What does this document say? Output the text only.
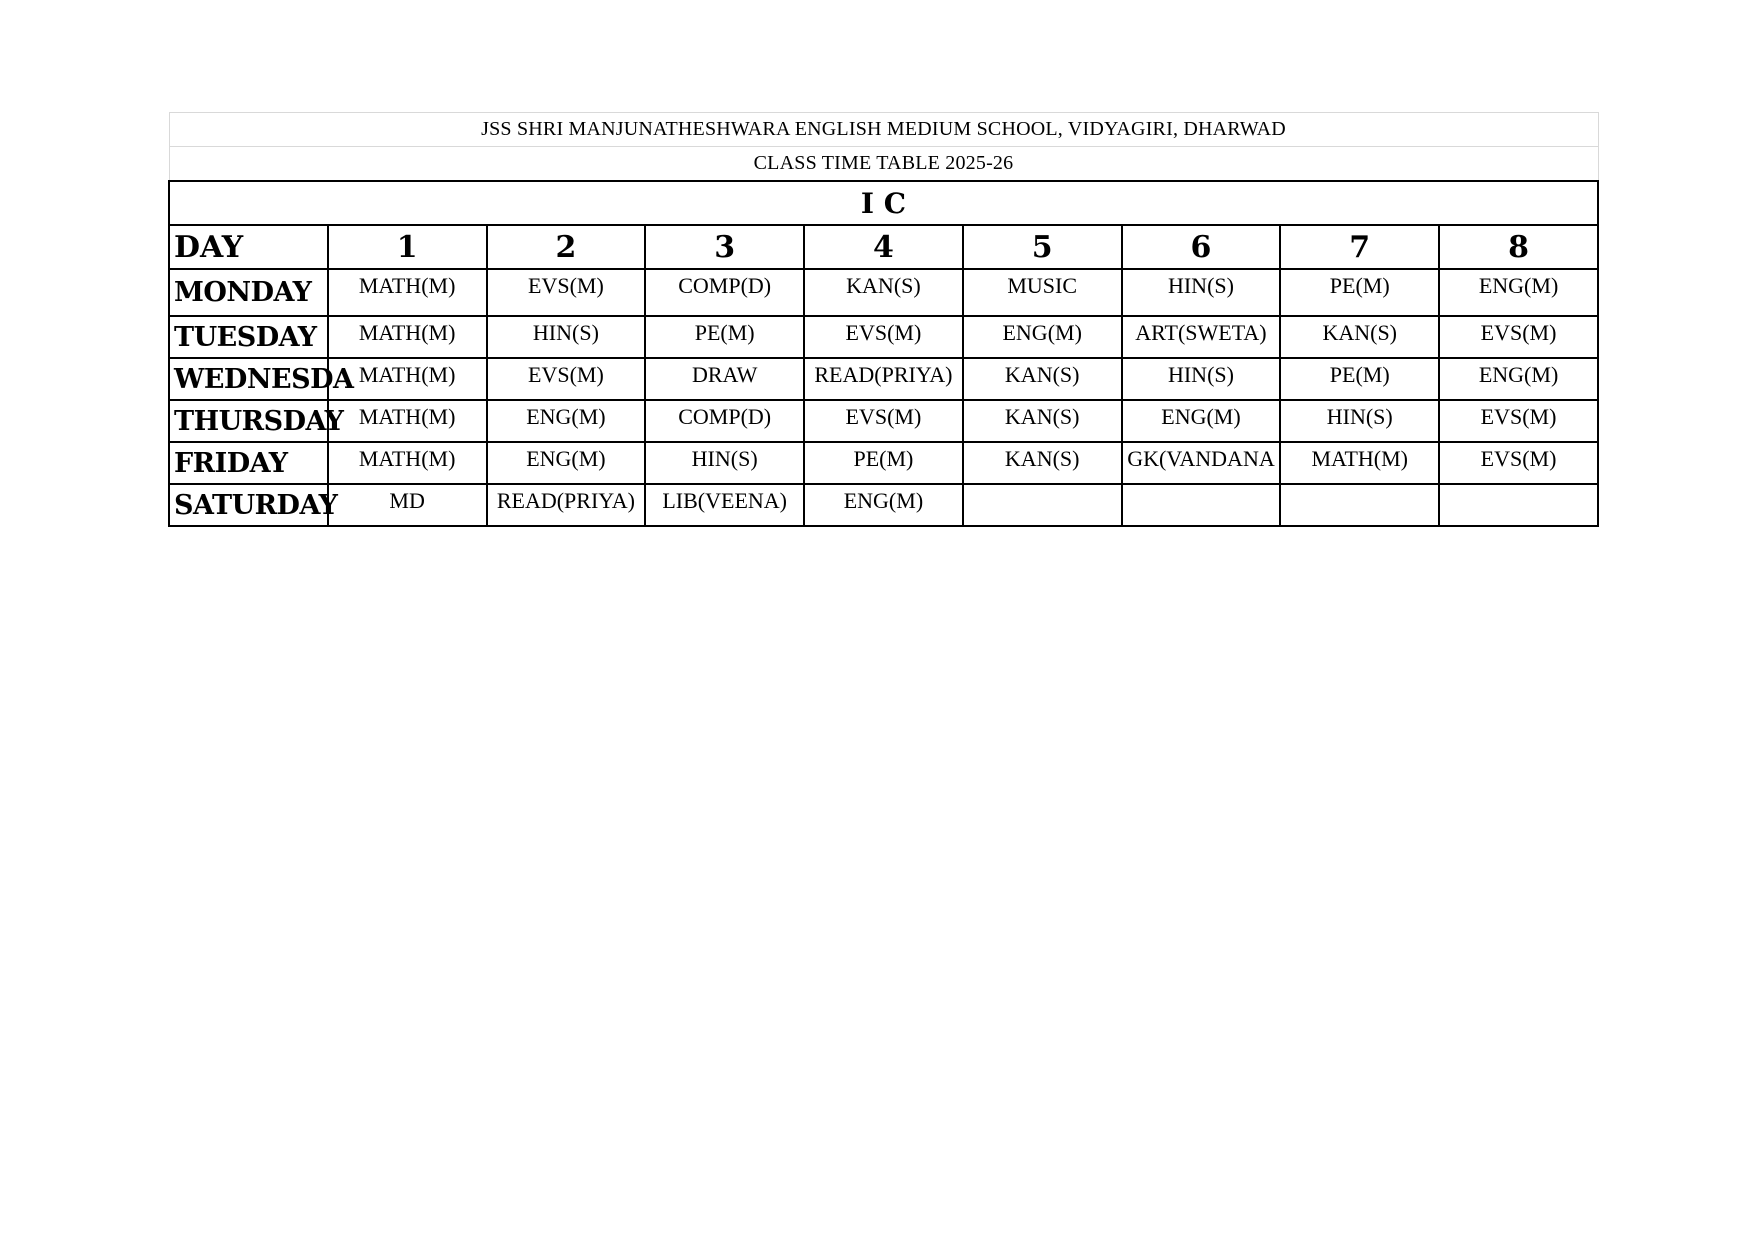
JSS SHRI MANJUNATHESHWARA ENGLISH MEDIUM SCHOOL, VIDYAGIRI, DHARWAD								
CLASS TIME TABLE 2025-26								
I C								
DAY	1	2	3	4	5	6	7	8
MONDAY	MATH(M)	EVS(M)	COMP(D)	KAN(S)	MUSIC	HIN(S)	PE(M)	ENG(M)
TUESDAY	MATH(M)	HIN(S)	PE(M)	EVS(M)	ENG(M)	ART(SWETA)	KAN(S)	EVS(M)
WEDNESDA	MATH(M)	EVS(M)	DRAW	READ(PRIYA)	KAN(S)	HIN(S)	PE(M)	ENG(M)
THURSDAY	MATH(M)	ENG(M)	COMP(D)	EVS(M)	KAN(S)	ENG(M)	HIN(S)	EVS(M)
FRIDAY	MATH(M)	ENG(M)	HIN(S)	PE(M)	KAN(S)	GK(VANDANA	MATH(M)	EVS(M)
SATURDAY	MD	READ(PRIYA)	LIB(VEENA)	ENG(M)				
